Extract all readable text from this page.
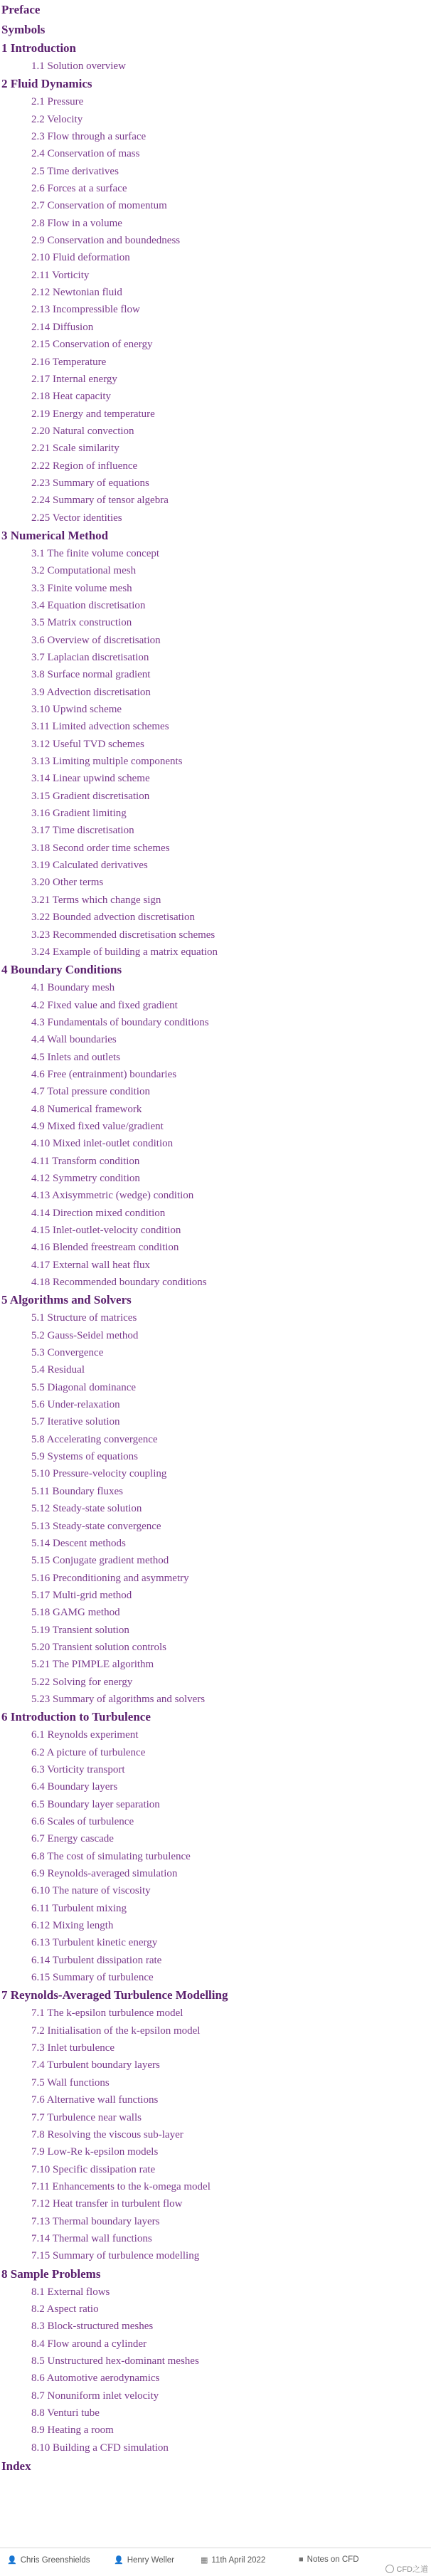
Preface
Symbols
1 Introduction
1.1 Solution overview
2 Fluid Dynamics
2.1 Pressure
2.2 Velocity
2.3 Flow through a surface
2.4 Conservation of mass
2.5 Time derivatives
2.6 Forces at a surface
2.7 Conservation of momentum
2.8 Flow in a volume
2.9 Conservation and boundedness
2.10 Fluid deformation
2.11 Vorticity
2.12 Newtonian fluid
2.13 Incompressible flow
2.14 Diffusion
2.15 Conservation of energy
2.16 Temperature
2.17 Internal energy
2.18 Heat capacity
2.19 Energy and temperature
2.20 Natural convection
2.21 Scale similarity
2.22 Region of influence
2.23 Summary of equations
2.24 Summary of tensor algebra
2.25 Vector identities
3 Numerical Method
3.1 The finite volume concept
3.2 Computational mesh
3.3 Finite volume mesh
3.4 Equation discretisation
3.5 Matrix construction
3.6 Overview of discretisation
3.7 Laplacian discretisation
3.8 Surface normal gradient
3.9 Advection discretisation
3.10 Upwind scheme
3.11 Limited advection schemes
3.12 Useful TVD schemes
3.13 Limiting multiple components
3.14 Linear upwind scheme
3.15 Gradient discretisation
3.16 Gradient limiting
3.17 Time discretisation
3.18 Second order time schemes
3.19 Calculated derivatives
3.20 Other terms
3.21 Terms which change sign
3.22 Bounded advection discretisation
3.23 Recommended discretisation schemes
3.24 Example of building a matrix equation
4 Boundary Conditions
4.1 Boundary mesh
4.2 Fixed value and fixed gradient
4.3 Fundamentals of boundary conditions
4.4 Wall boundaries
4.5 Inlets and outlets
4.6 Free (entrainment) boundaries
4.7 Total pressure condition
4.8 Numerical framework
4.9 Mixed fixed value/gradient
4.10 Mixed inlet-outlet condition
4.11 Transform condition
4.12 Symmetry condition
4.13 Axisymmetric (wedge) condition
4.14 Direction mixed condition
4.15 Inlet-outlet-velocity condition
4.16 Blended freestream condition
4.17 External wall heat flux
4.18 Recommended boundary conditions
5 Algorithms and Solvers
5.1 Structure of matrices
5.2 Gauss-Seidel method
5.3 Convergence
5.4 Residual
5.5 Diagonal dominance
5.6 Under-relaxation
5.7 Iterative solution
5.8 Accelerating convergence
5.9 Systems of equations
5.10 Pressure-velocity coupling
5.11 Boundary fluxes
5.12 Steady-state solution
5.13 Steady-state convergence
5.14 Descent methods
5.15 Conjugate gradient method
5.16 Preconditioning and asymmetry
5.17 Multi-grid method
5.18 GAMG method
5.19 Transient solution
5.20 Transient solution controls
5.21 The PIMPLE algorithm
5.22 Solving for energy
5.23 Summary of algorithms and solvers
6 Introduction to Turbulence
6.1 Reynolds experiment
6.2 A picture of turbulence
6.3 Vorticity transport
6.4 Boundary layers
6.5 Boundary layer separation
6.6 Scales of turbulence
6.7 Energy cascade
6.8 The cost of simulating turbulence
6.9 Reynolds-averaged simulation
6.10 The nature of viscosity
6.11 Turbulent mixing
6.12 Mixing length
6.13 Turbulent kinetic energy
6.14 Turbulent dissipation rate
6.15 Summary of turbulence
7 Reynolds-Averaged Turbulence Modelling
7.1 The k-epsilon turbulence model
7.2 Initialisation of the k-epsilon model
7.3 Inlet turbulence
7.4 Turbulent boundary layers
7.5 Wall functions
7.6 Alternative wall functions
7.7 Turbulence near walls
7.8 Resolving the viscous sub-layer
7.9 Low-Re k-epsilon models
7.10 Specific dissipation rate
7.11 Enhancements to the k-omega model
7.12 Heat transfer in turbulent flow
7.13 Thermal boundary layers
7.14 Thermal wall functions
7.15 Summary of turbulence modelling
8 Sample Problems
8.1 External flows
8.2 Aspect ratio
8.3 Block-structured meshes
8.4 Flow around a cylinder
8.5 Unstructured hex-dominant meshes
8.6 Automotive aerodynamics
8.7 Nonuniform inlet velocity
8.8 Venturi tube
8.9 Heating a room
8.10 Building a CFD simulation
Index
👤 Chris Greenshields	👤 Henry Weller	▦ 11th April 2022	■ Notes on CFD
CFD之道
